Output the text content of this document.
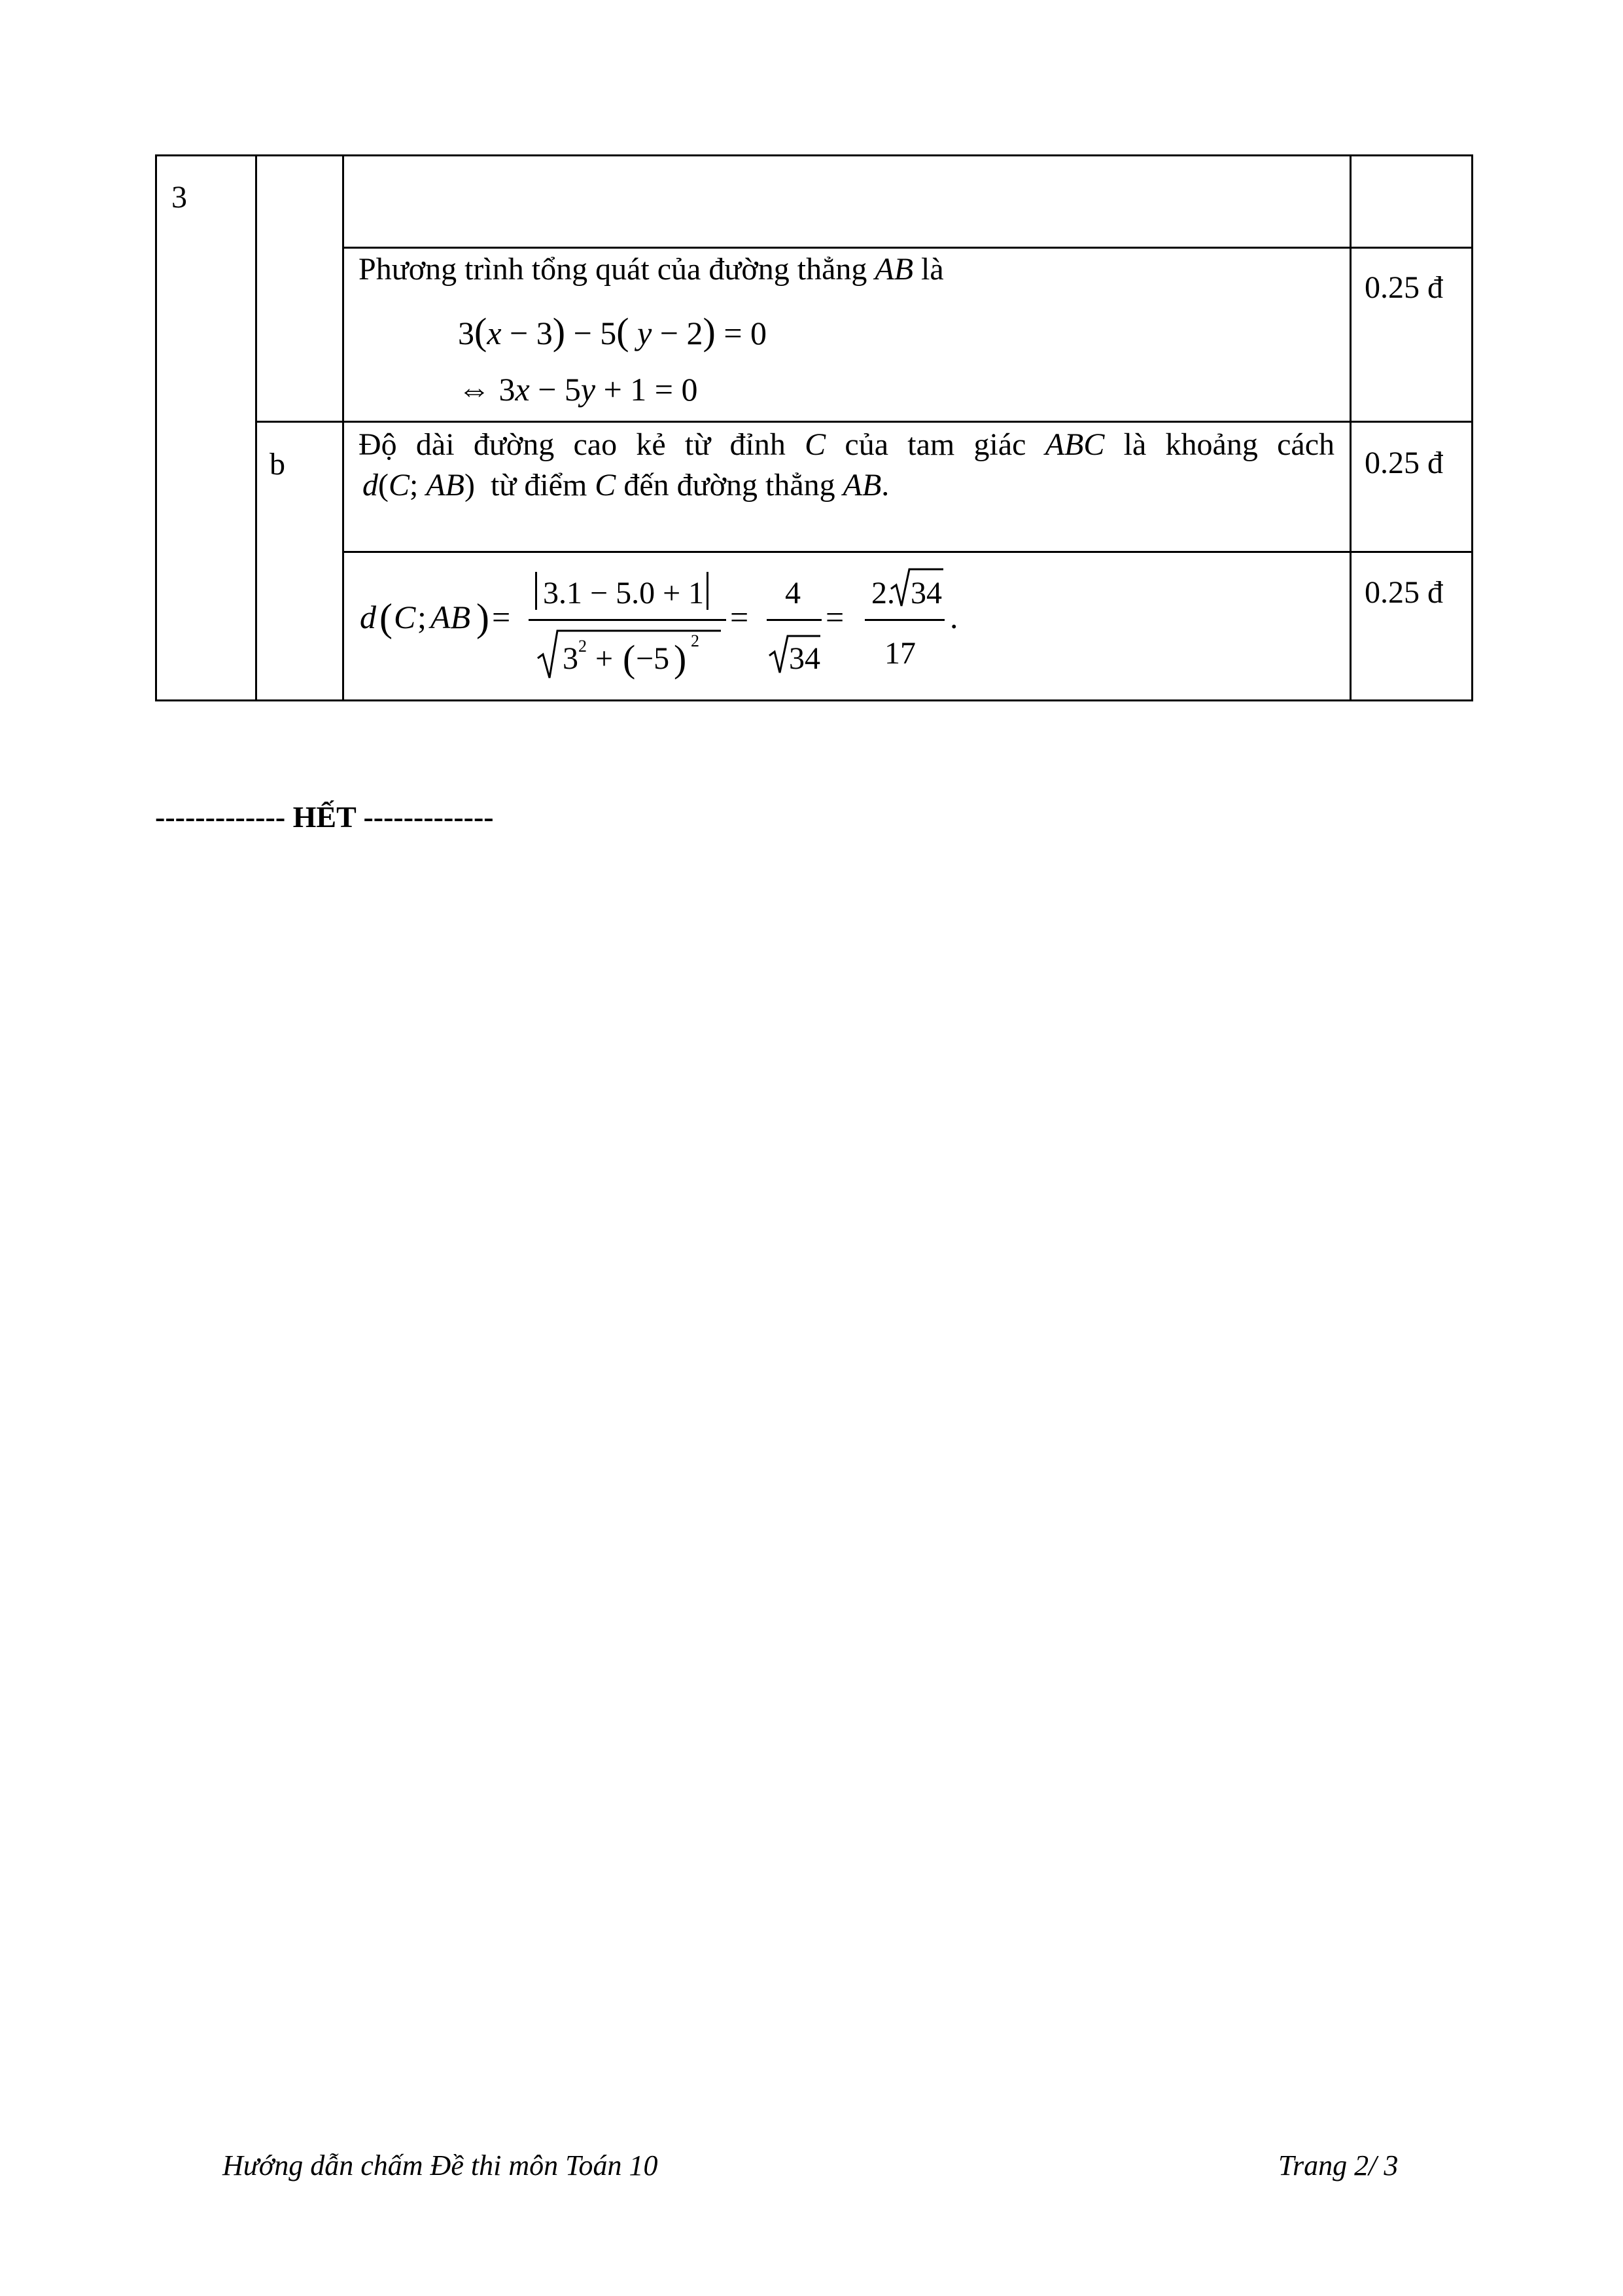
3
Phương trình tổng quát của đường thẳng AB là
0.25 đ
3(x − 3) − 5( y − 2) = 0
⇔ 3x − 5y + 1 = 0
b
Độ dài đường cao kẻ từ đỉnh C của tam giác ABC là khoảng cách
d(C; AB)  từ điểm C đến đường thẳng AB.
0.25 đ
d ( C ; AB ) =
3.1 − 5.0 + 1
3 2 + ( −5 ) 2
=
4
34
=
2. 34
17
.
0.25 đ
------------- HẾT -------------
Hướng dẫn chấm Đề thi môn Toán 10	Trang 2/ 3
